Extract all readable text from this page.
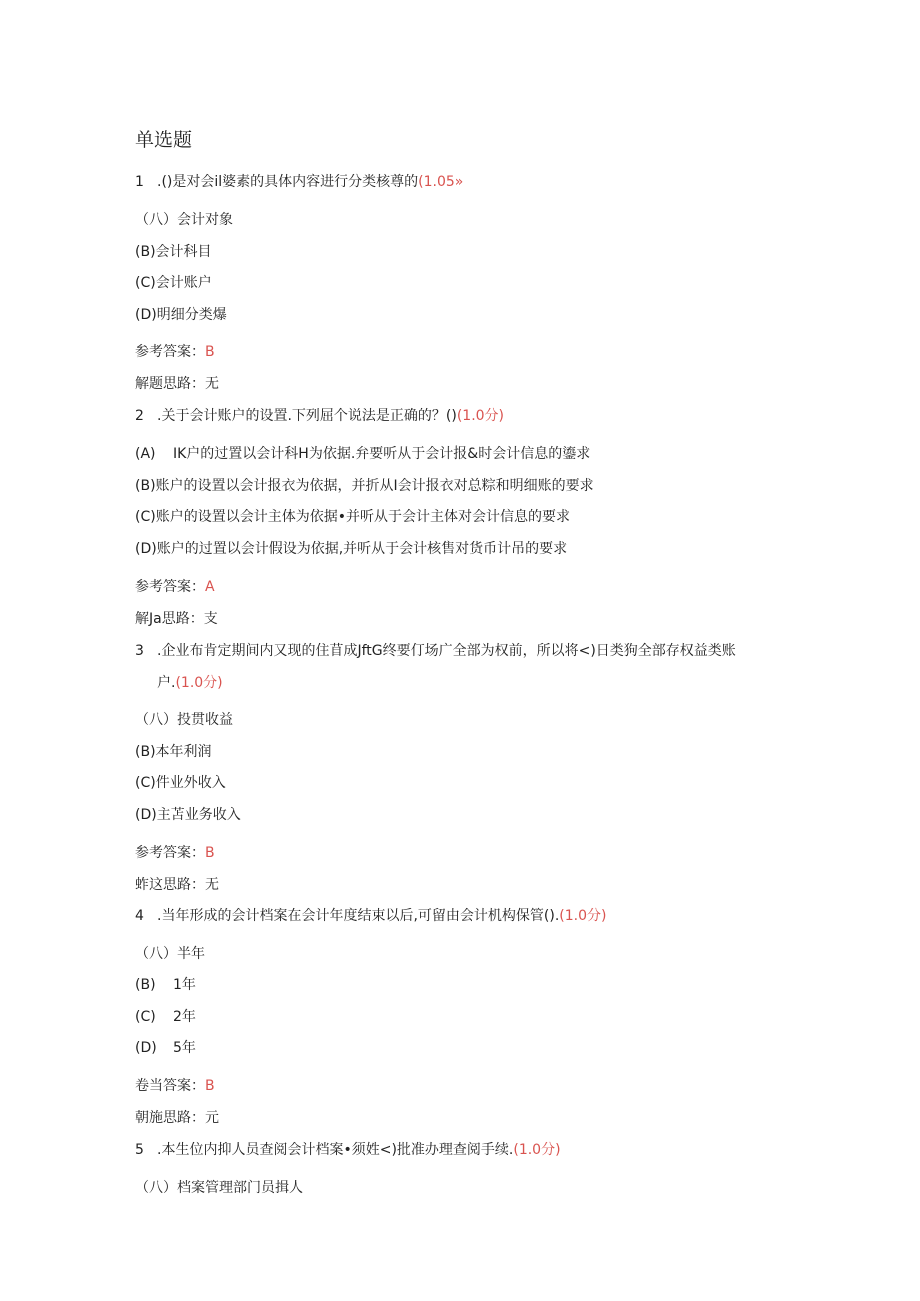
单选题
1 .()是对会il婆素的具体内容进行分类核尊的(1.05»
（八）会计对象
(B)会计科目
(C)会计账户
(D)明细分类爆
参考答案：B
解题思路：无
2 .关于会计账户的设置.下列屈个说法是正确的？()(1.0分)
(A) IK户的过置以会计科H为依据.弁要听从于会计报&时会计信息的鎏求
(B)账户的设置以会计报衣为依据，并折从I会计报衣对总粽和明细账的要求
(C)账户的设置以会计主体为依据•并听从于会计主体对会计信息的要求
(D)账户的过置以会计假设为依据,并听从于会计核售对货币计吊的要求
参考答案：A
解Ja思路：支
3 .企业布肯定期间内又现的住苜成JftG终要仃场广全部为权前，所以将<)日类狗全部存权益类账
户.(1.0分)
（八）投贯收益
(B)本年利润
(C)件业外收入
(D)主苫业务收入
参考答案：B
蚱这思路：无
4 .当年形成的会计档案在会计年度结束以后,可留由会计机构保管().(1.0分)
（八）半年
(B) 1年
(C) 2年
(D) 5年
卷当答案：B
朝施思路：元
5 .本生位内抑人员查阅会计档案•须姓<)批准办理查阅手续.(1.0分)
（八）档案管理部门员揖人
